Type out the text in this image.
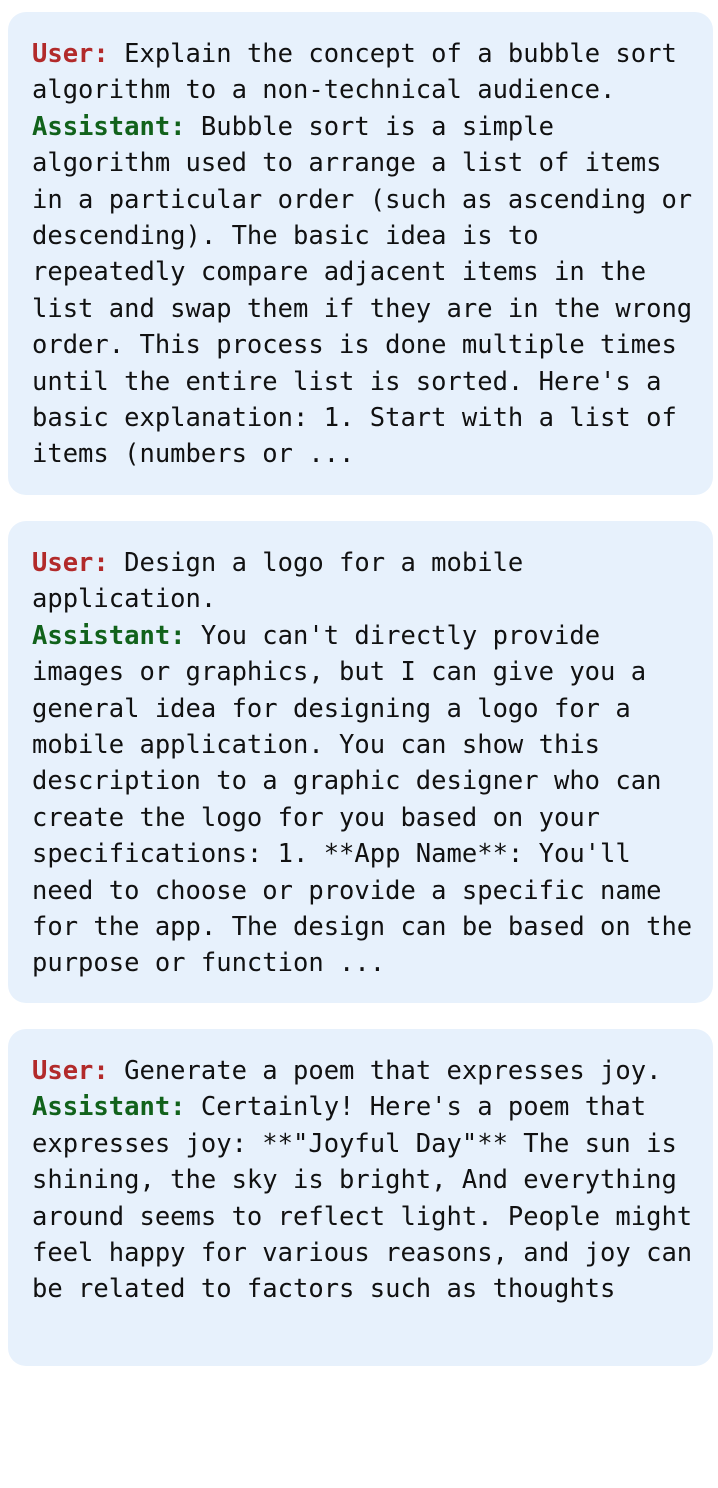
User: Explain the concept of a bubble sort algorithm to a non-technical audience.
Assistant: Bubble sort is a simple algorithm used to arrange a list of items in a particular order (such as ascending or descending). The basic idea is to repeatedly compare adjacent items in the list and swap them if they are in the wrong order. This process is done multiple times until the entire list is sorted. Here's a basic explanation: 1. Start with a list of items (numbers or ...
User: Design a logo for a mobile application.
Assistant: You can't directly provide images or graphics, but I can give you a general idea for designing a logo for a mobile application. You can show this description to a graphic designer who can create the logo for you based on your specifications: 1. **App Name**: You'll need to choose or provide a specific name for the app. The design can be based on the purpose or function ...
User: Generate a poem that expresses joy.
Assistant: Certainly! Here's a poem that expresses joy: **"Joyful Day"** The sun is shining, the sky is bright, And everything around seems to reflect light. People might feel happy for various reasons, and joy can be related to factors such as thoughts
